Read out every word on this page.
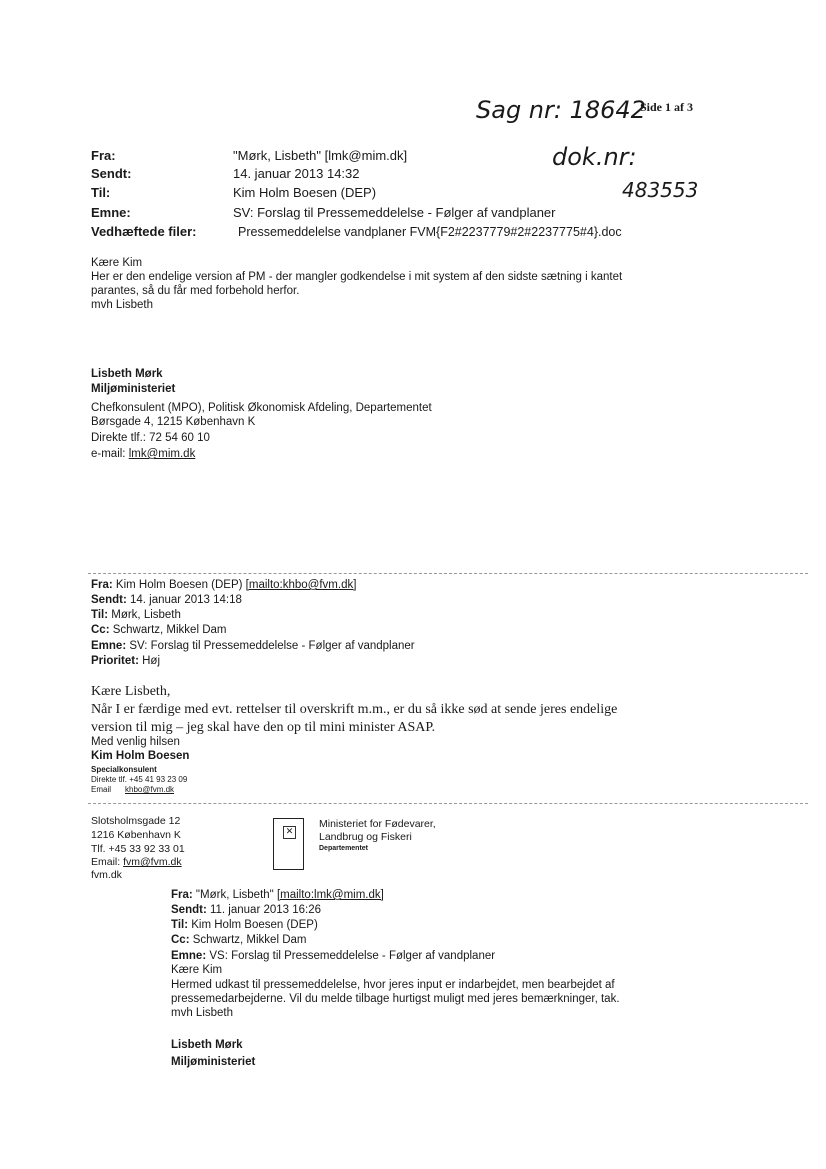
Side 1 af 3
Sag nr: 18642
dok.nr:
483553
Fra:	"Mørk, Lisbeth" [lmk@mim.dk]
Sendt:	14. januar 2013 14:32
Til:	Kim Holm Boesen (DEP)
Emne:	SV: Forslag til Pressemeddelelse - Følger af vandplaner
Vedhæftede filer:	Pressemeddelelse vandplaner FVM{F2#2237779#2#2237775#4}.doc
Kære Kim
Her er den endelige version af PM - der mangler godkendelse i mit system af den sidste sætning i kantet
parantes, så du får med forbehold herfor.
mvh Lisbeth
Lisbeth Mørk
Miljøministeriet
Chefkonsulent (MPO), Politisk Økonomisk Afdeling, Departementet
Børsgade 4, 1215 København K
Direkte tlf.: 72 54 60 10
e-mail: lmk@mim.dk
Fra: Kim Holm Boesen (DEP) [mailto:khbo@fvm.dk]
Sendt: 14. januar 2013 14:18
Til: Mørk, Lisbeth
Cc: Schwartz, Mikkel Dam
Emne: SV: Forslag til Pressemeddelelse - Følger af vandplaner
Prioritet: Høj
Kære Lisbeth,
Når I er færdige med evt. rettelser til overskrift m.m., er du så ikke sød at sende jeres endelige
version til mig – jeg skal have den op til mini minister ASAP.
Med venlig hilsen
Kim Holm Boesen
Specialkonsulent
Direkte tlf. +45 41 93 23 09
Email khbo@fvm.dk
Slotsholmsgade 12
1216 København K
Tlf. +45 33 92 33 01
Email: fvm@fvm.dk
fvm.dk
✕
Ministeriet for Fødevarer,
Landbrug og Fiskeri
Departementet
Fra: "Mørk, Lisbeth" [mailto:lmk@mim.dk]
Sendt: 11. januar 2013 16:26
Til: Kim Holm Boesen (DEP)
Cc: Schwartz, Mikkel Dam
Emne: VS: Forslag til Pressemeddelelse - Følger af vandplaner
Kære Kim
Hermed udkast til pressemeddelelse, hvor jeres input er indarbejdet, men bearbejdet af
pressemedarbejderne. Vil du melde tilbage hurtigst muligt med jeres bemærkninger, tak.
mvh Lisbeth
Lisbeth Mørk
Miljøministeriet
